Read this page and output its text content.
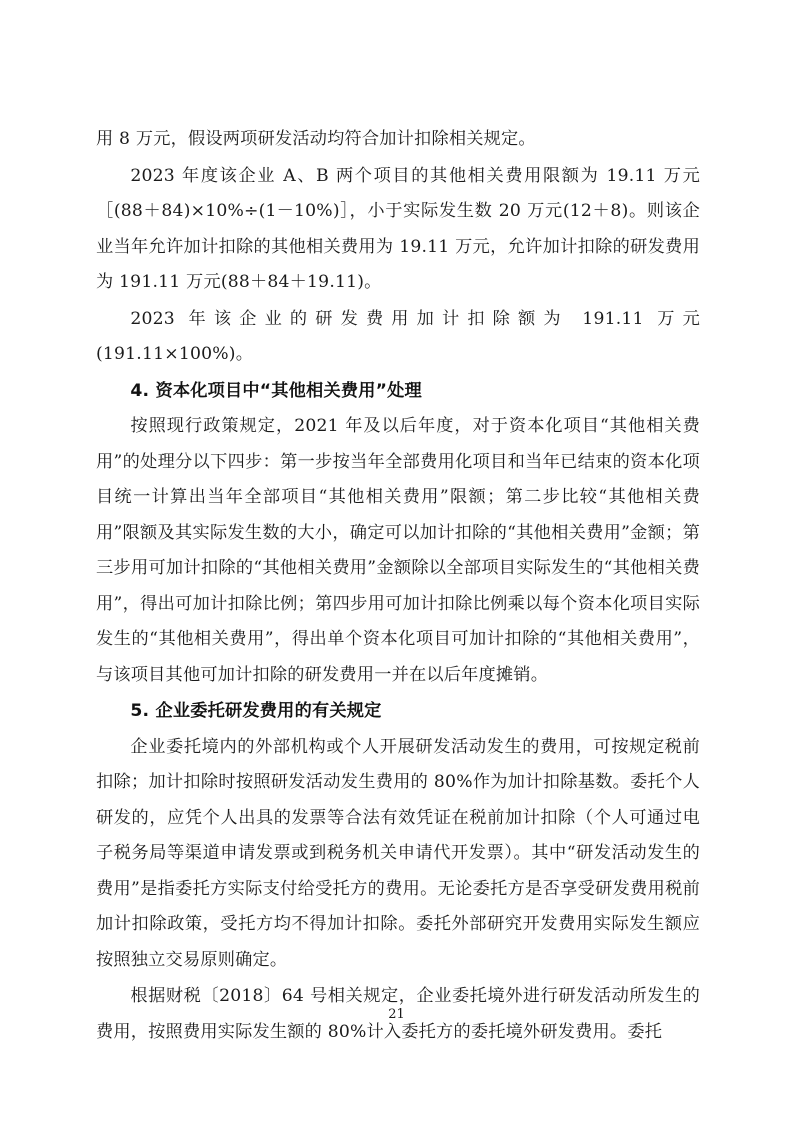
用 8 万元，假设两项研发活动均符合加计扣除相关规定。

2023 年度该企业 A、B 两个项目的其他相关费用限额为 19.11 万元［(88＋84)×10%÷(1－10%)］，小于实际发生数 20 万元(12＋8)。则该企业当年允许加计扣除的其他相关费用为 19.11 万元，允许加计扣除的研发费用为 191.11 万元(88＋84＋19.11)。

2023 年该企业的研发费用加计扣除额为 191.11 万元(191.11×100%)。

4. 资本化项目中“其他相关费用”处理

按照现行政策规定，2021 年及以后年度，对于资本化项目“其他相关费用”的处理分以下四步：第一步按当年全部费用化项目和当年已结束的资本化项目统一计算出当年全部项目“其他相关费用”限额；第二步比较“其他相关费用”限额及其实际发生数的大小，确定可以加计扣除的“其他相关费用”金额；第三步用可加计扣除的“其他相关费用”金额除以全部项目实际发生的“其他相关费用”，得出可加计扣除比例；第四步用可加计扣除比例乘以每个资本化项目实际发生的“其他相关费用”，得出单个资本化项目可加计扣除的“其他相关费用”，与该项目其他可加计扣除的研发费用一并在以后年度摊销。

5. 企业委托研发费用的有关规定

企业委托境内的外部机构或个人开展研发活动发生的费用，可按规定税前扣除；加计扣除时按照研发活动发生费用的 80%作为加计扣除基数。委托个人研发的，应凭个人出具的发票等合法有效凭证在税前加计扣除（个人可通过电子税务局等渠道申请发票或到税务机关申请代开发票）。其中“研发活动发生的费用”是指委托方实际支付给受托方的费用。无论委托方是否享受研发费用税前加计扣除政策，受托方均不得加计扣除。委托外部研究开发费用实际发生额应按照独立交易原则确定。

根据财税〔2018〕64 号相关规定，企业委托境外进行研发活动所发生的费用，按照费用实际发生额的 80%计入委托方的委托境外研发费用。委托

21
